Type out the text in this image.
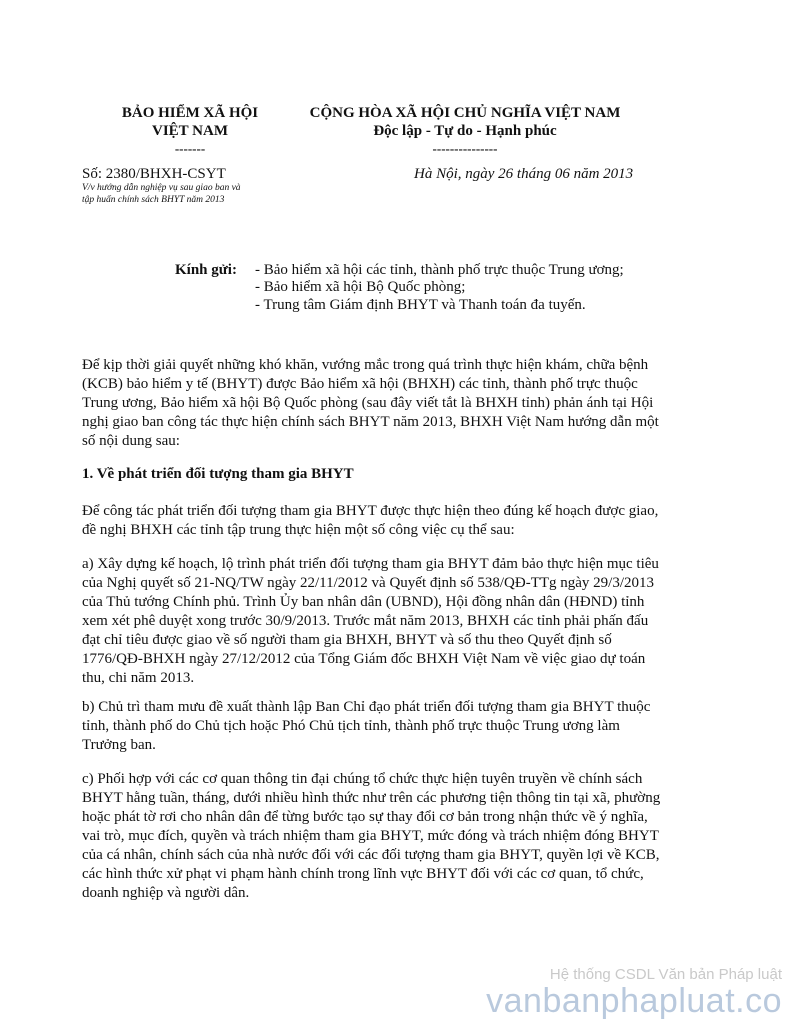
BẢO HIỂM XÃ HỘI
VIỆT NAM
-------
CỘNG HÒA XÃ HỘI CHỦ NGHĨA VIỆT NAM
Độc lập - Tự do - Hạnh phúc
---------------
Số: 2380/BHXH-CSYT	Hà Nội, ngày 26 tháng 06 năm 2013
V/v hướng dẫn nghiệp vụ sau giao ban và
tập huấn chính sách BHYT năm 2013
Kính gửi: - Bảo hiểm xã hội các tỉnh, thành phố trực thuộc Trung ương;
- Bảo hiểm xã hội Bộ Quốc phòng;
- Trung tâm Giám định BHYT và Thanh toán đa tuyến.
Để kịp thời giải quyết những khó khăn, vướng mắc trong quá trình thực hiện khám, chữa bệnh
(KCB) bảo hiểm y tế (BHYT) được Bảo hiểm xã hội (BHXH) các tỉnh, thành phố trực thuộc
Trung ương, Bảo hiểm xã hội Bộ Quốc phòng (sau đây viết tắt là BHXH tỉnh) phản ánh tại Hội
nghị giao ban công tác thực hiện chính sách BHYT năm 2013, BHXH Việt Nam hướng dẫn một
số nội dung sau:
1. Về phát triển đối tượng tham gia BHYT
Để công tác phát triển đối tượng tham gia BHYT được thực hiện theo đúng kế hoạch được giao,
đề nghị BHXH các tỉnh tập trung thực hiện một số công việc cụ thể sau:
a) Xây dựng kế hoạch, lộ trình phát triển đối tượng tham gia BHYT đảm bảo thực hiện mục tiêu
của Nghị quyết số 21-NQ/TW ngày 22/11/2012 và Quyết định số 538/QĐ-TTg ngày 29/3/2013
của Thủ tướng Chính phủ. Trình Ủy ban nhân dân (UBND), Hội đồng nhân dân (HĐND) tỉnh
xem xét phê duyệt xong trước 30/9/2013. Trước mắt năm 2013, BHXH các tỉnh phải phấn đấu
đạt chỉ tiêu được giao về số người tham gia BHXH, BHYT và số thu theo Quyết định số
1776/QĐ-BHXH ngày 27/12/2012 của Tổng Giám đốc BHXH Việt Nam về việc giao dự toán
thu, chi năm 2013.
b) Chủ trì tham mưu đề xuất thành lập Ban Chỉ đạo phát triển đối tượng tham gia BHYT thuộc
tỉnh, thành phố do Chủ tịch hoặc Phó Chủ tịch tỉnh, thành phố trực thuộc Trung ương làm
Trưởng ban.
c) Phối hợp với các cơ quan thông tin đại chúng tổ chức thực hiện tuyên truyền về chính sách
BHYT hằng tuần, tháng, dưới nhiều hình thức như trên các phương tiện thông tin tại xã, phường
hoặc phát tờ rơi cho nhân dân để từng bước tạo sự thay đổi cơ bản trong nhận thức về ý nghĩa,
vai trò, mục đích, quyền và trách nhiệm tham gia BHYT, mức đóng và trách nhiệm đóng BHYT
của cá nhân, chính sách của nhà nước đối với các đối tượng tham gia BHYT, quyền lợi về KCB,
các hình thức xử phạt vi phạm hành chính trong lĩnh vực BHYT đối với các cơ quan, tổ chức,
doanh nghiệp và người dân.
Hệ thống CSDL Văn bản Pháp luật
vanbanphapluat.co
